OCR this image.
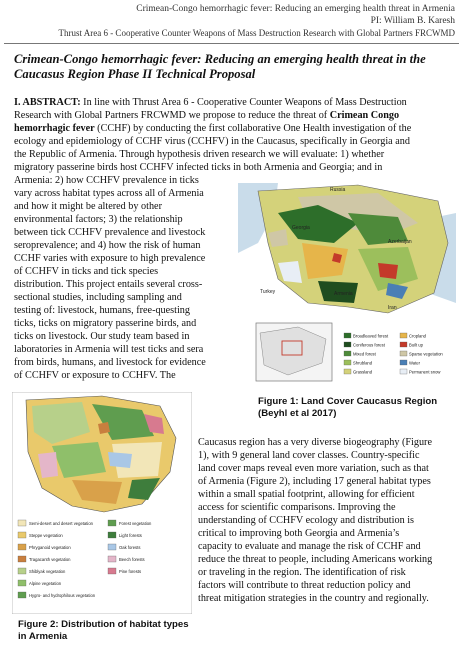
Crimean-Congo hemorrhagic fever: Reducing an emerging health threat in Armenia
PI: William B. Karesh
Thrust Area 6 - Cooperative Counter Weapons of Mass Destruction Research with Global Partners FRCWMD
Crimean-Congo hemorrhagic fever: Reducing an emerging health threat in the
Caucasus Region Phase II Technical Proposal
I. ABSTRACT: In line with Thrust Area 6 - Cooperative Counter Weapons of Mass Destruction
Research with Global Partners FRCWMD we propose to reduce the threat of Crimean Congo
hemorrhagic fever (CCHF) by conducting the first collaborative One Health investigation of the
ecology and epidemiology of CCHF virus (CCHFV) in the Caucasus, specifically in Georgia and
the Republic of Armenia. Through hypothesis driven research we will evaluate: 1) whether
migratory passerine birds host CCHFV infected ticks in both Armenia and Georgia; and in
Armenia: 2) how CCHFV prevalence in ticks
vary across habitat types across all of Armenia
and how it might be altered by other
environmental factors; 3) the relationship
between tick CCHFV prevalence and livestock
seroprevalence; and 4) how the risk of human
CCHF varies with exposure to high prevalence
of CCHFV in ticks and tick species
distribution. This project entails several cross-
sectional studies, including sampling and
testing of: livestock, humans, free-questing
ticks, ticks on migratory passerine birds, and
ticks on livestock. Our study team based in
laboratories in Armenia will test ticks and sera
from birds, humans, and livestock for evidence
of CCHFV or exposure to CCHFV. The
Russia
Turkey
Georgia
Azerbaijan
Armenia
Iran
Broadleaved forest
Coniferous forest
Mixed forest
Shrubland
Grassland
Cropland
Built up
Sparse vegetation
Water
Permanent snow
Figure 1: Land Cover Caucasus Region
(Beyhl et al 2017)
Semi-desert and desert vegetation
Steppe vegetation
Phryganoid vegetation
Tragacanth vegetation
Shiblyak vegetation
Alpine vegetation
Hygro- and hydrophilous vegetation
Forest vegetation
Light forests
Oak forests
Beech forests
Pine forests
Figure 2: Distribution of habitat types
in Armenia
Caucasus region has a very diverse biogeography (Figure
1), with 9 general land cover classes. Country-specific
land cover maps reveal even more variation, such as that
of Armenia (Figure 2), including 17 general habitat types
within a small spatial footprint, allowing for efficient
access for scientific comparisons. Improving the
understanding of CCHFV ecology and distribution is
critical to improving both Georgia and Armenia’s
capacity to evaluate and manage the risk of CCHF and
reduce the threat to people, including Americans working
or traveling in the region. The identification of risk
factors will contribute to threat reduction policy and
threat mitigation strategies in the country and regionally.
